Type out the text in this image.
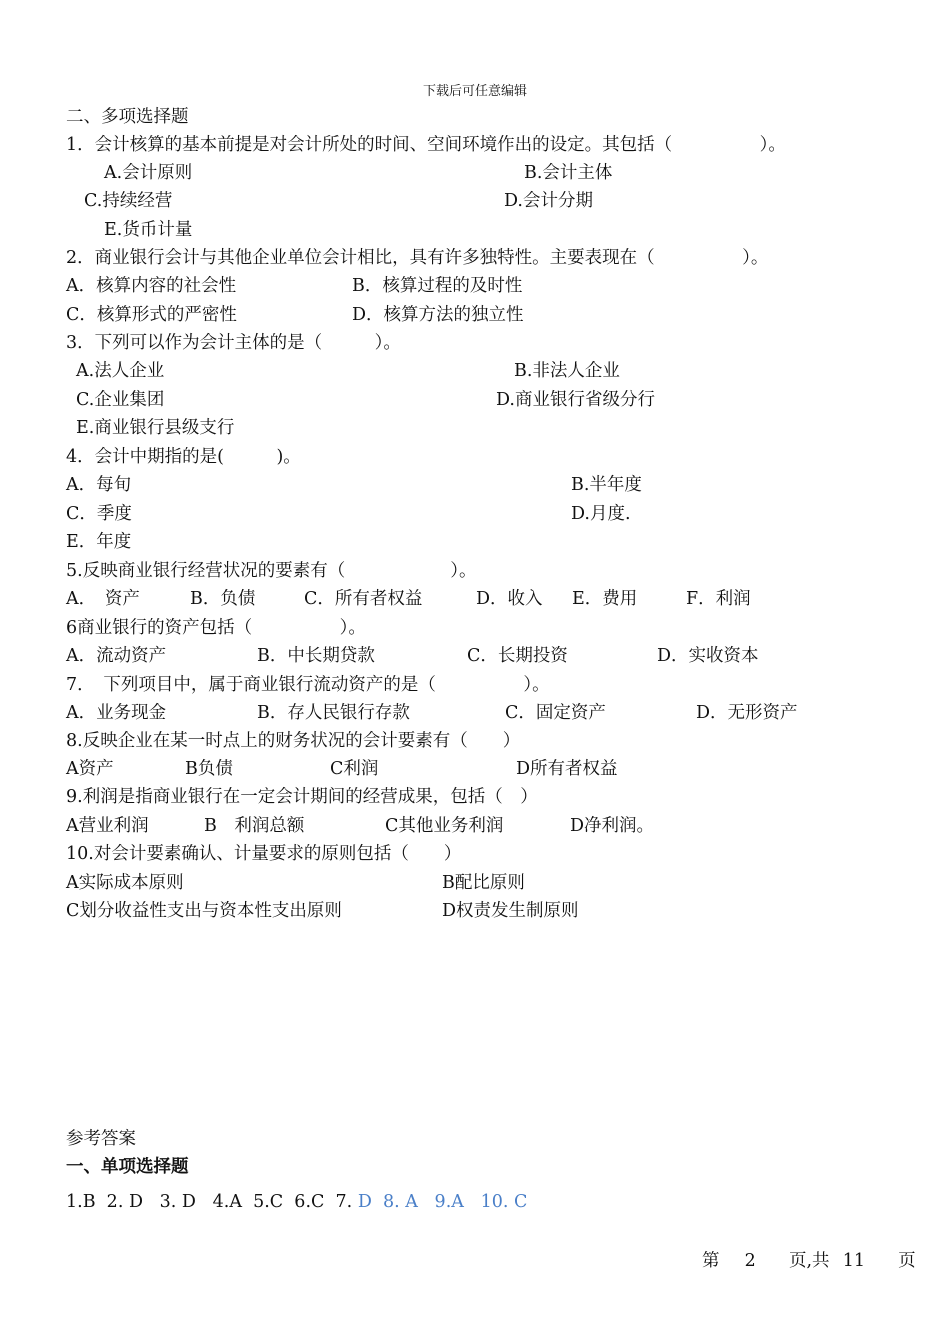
下载后可任意编辑
二、多项选择题
1．会计核算的基本前提是对会计所处的时间、空间环境作出的设定。其包括（　　　　　）。
A.会计原则	B.会计主体
C.持续经营	D.会计分期
E.货币计量
2．商业银行会计与其他企业单位会计相比，具有许多独特性。主要表现在（　　　　　）。
A．核算内容的社会性	B．核算过程的及时性
C．核算形式的严密性	D．核算方法的独立性
3．下列可以作为会计主体的是（　　　）。
A.法人企业	B.非法人企业
C.企业集团	D.商业银行省级分行
E.商业银行县级支行
4．会计中期指的是(　　　)。
A．每旬	B.半年度
C．季度	D.月度.
E．年度
5.反映商业银行经营状况的要素有（　　　　　　）。
A．　资产	B．负债	C．所有者权益	D．收入 E．费用	F．利润
6商业银行的资产包括（　　　　　）。
A．流动资产	B．中长期贷款	C．长期投资	D．实收资本
7．　下列项目中，属于商业银行流动资产的是（　　　　　）。
A．业务现金	B．存人民银行存款	C．固定资产	D．无形资产
8.反映企业在某一时点上的财务状况的会计要素有（　　）
A资产	B负债	C利润	D所有者权益
9.利润是指商业银行在一定会计期间的经营成果，包括（　）
A营业利润	B　利润总额	C其他业务利润	D净利润。
10.对会计要素确认、计量要求的原则包括（　　）
A实际成本原则	B配比原则
C划分收益性支出与资本性支出原则	D权责发生制原则
参考答案
一、单项选择题
1.B  2. D   3. D   4.A  5.C  6.C  7. D  8. A   9.A   10. C
第 2 页,共 11 页
